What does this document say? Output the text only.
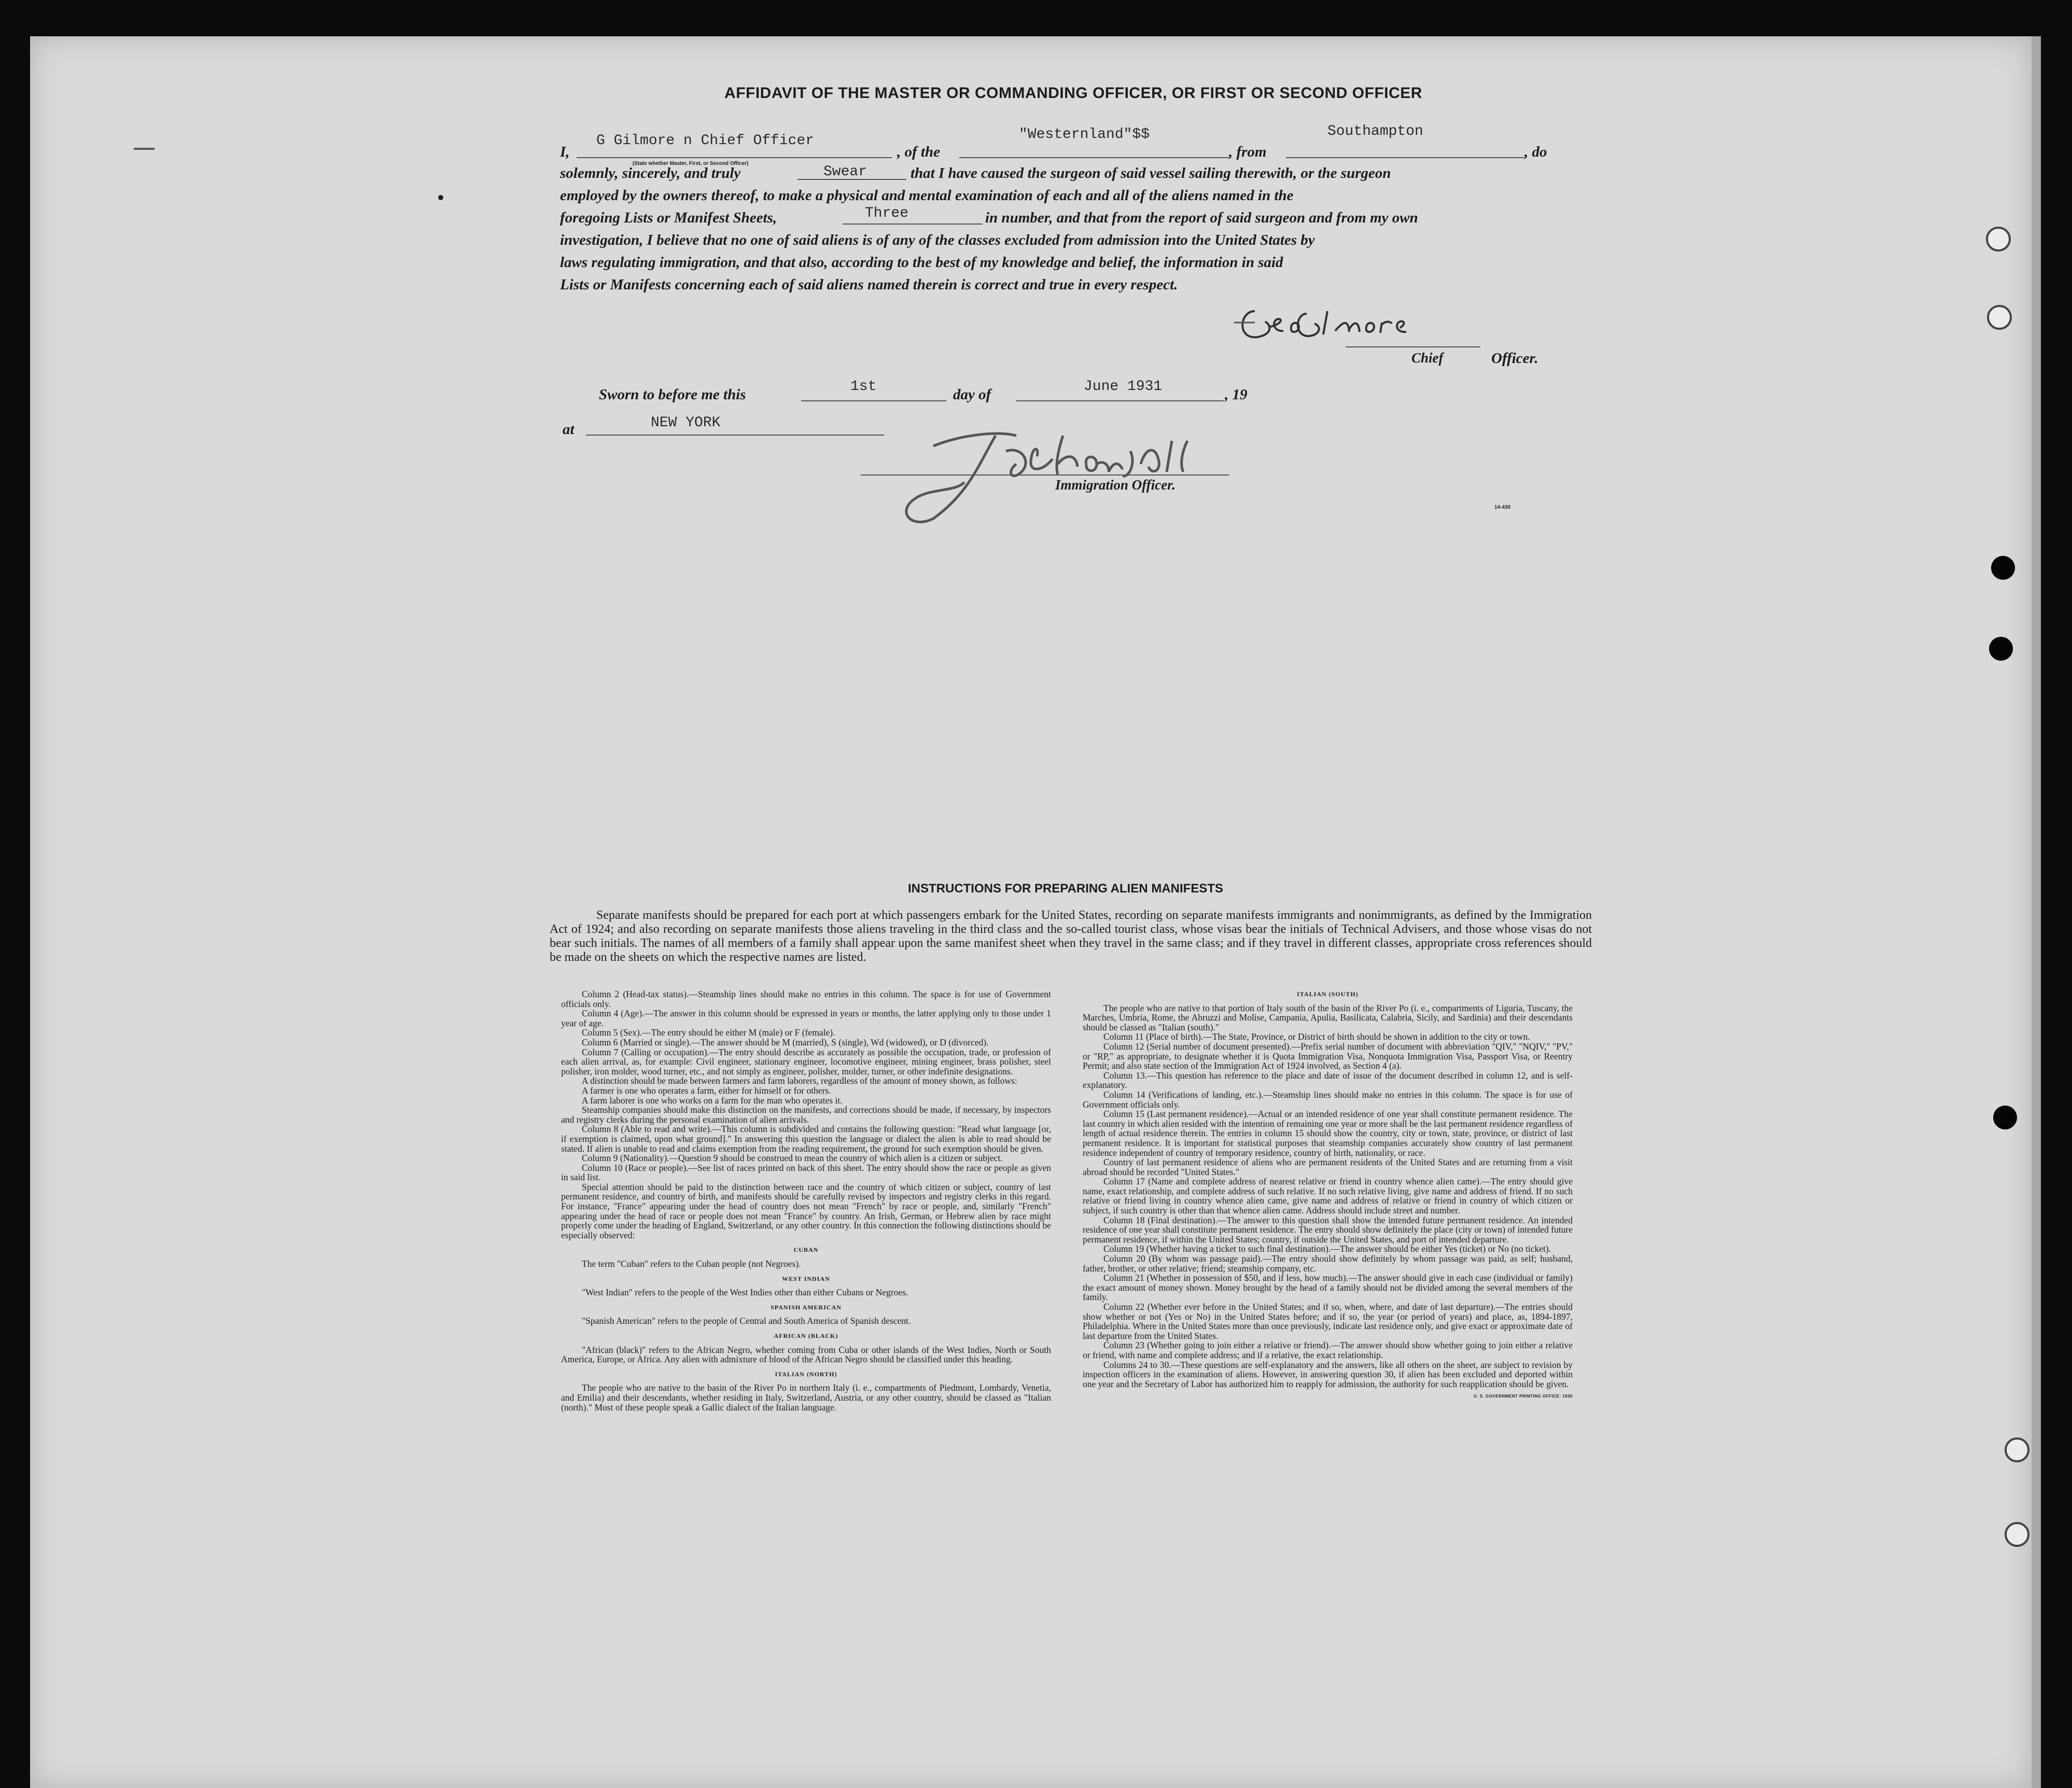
AFFIDAVIT OF THE MASTER OR COMMANDING OFFICER, OR FIRST OR SECOND OFFICER
I,
G Gilmore n Chief Officer
(State whether Master, First, or Second Officer)
, of the
"Westernland"$$
, from
Southampton
, do
solemnly, sincerely, and truly	Swear	that I have caused the surgeon of said vessel sailing therewith, or the surgeon
employed by the owners thereof, to make a physical and mental examination of each and all of the aliens named in the
foregoing Lists or Manifest Sheets,	Three	in number, and that from the report of said surgeon and from my own
investigation, I believe that no one of said aliens is of any of the classes excluded from admission into the United States by
laws regulating immigration, and that also, according to the best of my knowledge and belief, the information in said
Lists or Manifests concerning each of said aliens named therein is correct and true in every respect.
Chief	Officer.
Sworn to before me this	1st	day of	June 1931	, 19
at	NEW YORK
Immigration Officer.
14-430
INSTRUCTIONS FOR PREPARING ALIEN MANIFESTS
Separate manifests should be prepared for each port at which passengers embark for the United States, recording on separate manifests immigrants and nonimmigrants, as defined by the Immigration Act of 1924; and also recording on separate manifests those aliens traveling in the third class and the so-called tourist class, whose visas bear the initials of Technical Advisers, and those whose visas do not bear such initials. The names of all members of a family shall appear upon the same manifest sheet when they travel in the same class; and if they travel in different classes, appropriate cross references should be made on the sheets on which the respective names are listed.

Column 2 (Head-tax status).—Steamship lines should make no entries in this column. The space is for use of Government officials only.

Column 4 (Age).—The answer in this column should be expressed in years or months, the latter applying only to those under 1 year of age.

Column 5 (Sex).—The entry should be either M (male) or F (female).

Column 6 (Married or single).—The answer should be M (married), S (single), Wd (widowed), or D (divorced).

Column 7 (Calling or occupation).—The entry should describe as accurately as possible the occupation, trade, or profession of each alien arrival, as, for example: Civil engineer, stationary engineer, locomotive engineer, mining engineer, brass polisher, steel polisher, iron molder, wood turner, etc., and not simply as engineer, polisher, molder, turner, or other indefinite designations.

A distinction should be made between farmers and farm laborers, regardless of the amount of money shown, as follows:

A farmer is one who operates a farm, either for himself or for others.

A farm laborer is one who works on a farm for the man who operates it.

Steamship companies should make this distinction on the manifests, and corrections should be made, if necessary, by inspectors and registry clerks during the personal examination of alien arrivals.

Column 8 (Able to read and write).—This column is subdivided and contains the following question: "Read what language [or, if exemption is claimed, upon what ground]." In answering this question the language or dialect the alien is able to read should be stated. If alien is unable to read and claims exemption from the reading requirement, the ground for such exemption should be given.

Column 9 (Nationality).—Question 9 should be construed to mean the country of which alien is a citizen or subject.

Column 10 (Race or people).—See list of races printed on back of this sheet. The entry should show the race or people as given in said list.

Special attention should be paid to the distinction between race and the country of which citizen or subject, country of last permanent residence, and country of birth, and manifests should be carefully revised by inspectors and registry clerks in this regard. For instance, "France" appearing under the head of country does not mean "French" by race or people, and, similarly "French" appearing under the head of race or people does not mean "France" by country. An Irish, German, or Hebrew alien by race might properly come under the heading of England, Switzerland, or any other country. In this connection the following distinctions should be especially observed:

CUBAN

The term "Cuban" refers to the Cuban people (not Negroes).

WEST INDIAN

"West Indian" refers to the people of the West Indies other than either Cubans or Negroes.

SPANISH AMERICAN

"Spanish American" refers to the people of Central and South America of Spanish descent.

AFRICAN (BLACK)

"African (black)" refers to the African Negro, whether coming from Cuba or other islands of the West Indies, North or South America, Europe, or Africa. Any alien with admixture of blood of the African Negro should be classified under this heading.

ITALIAN (NORTH)

The people who are native to the basin of the River Po in northern Italy (i. e., compartments of Piedmont, Lombardy, Venetia, and Emilia) and their descendants, whether residing in Italy, Switzerland, Austria, or any other country, should be classed as "Italian (north)." Most of these people speak a Gallic dialect of the Italian language.

ITALIAN (SOUTH)

The people who are native to that portion of Italy south of the basin of the River Po (i. e., compartments of Liguria, Tuscany, the Marches, Umbria, Rome, the Abruzzi and Molise, Campania, Apulia, Basilicata, Calabria, Sicily, and Sardinia) and their descendants should be classed as "Italian (south)."

Column 11 (Place of birth).—The State, Province, or District of birth should be shown in addition to the city or town.

Column 12 (Serial number of document presented).—Prefix serial number of document with abbreviation "QIV," "NQIV," "PV," or "RP," as appropriate, to designate whether it is Quota Immigration Visa, Nonquota Immigration Visa, Passport Visa, or Reentry Permit; and also state section of the Immigration Act of 1924 involved, as Section 4 (a).

Column 13.—This question has reference to the place and date of issue of the document described in column 12, and is self-explanatory.

Column 14 (Verifications of landing, etc.).—Steamship lines should make no entries in this column. The space is for use of Government officials only.

Column 15 (Last permanent residence).—Actual or an intended residence of one year shall constitute permanent residence. The last country in which alien resided with the intention of remaining one year or more shall be the last permanent residence regardless of length of actual residence therein. The entries in column 15 should show the country, city or town, state, province, or district of last permanent residence. It is important for statistical purposes that steamship companies accurately show country of last permanent residence independent of country of temporary residence, country of birth, nationality, or race.

Country of last permanent residence of aliens who are permanent residents of the United States and are returning from a visit abroad should be recorded "United States."

Column 17 (Name and complete address of nearest relative or friend in country whence alien came).—The entry should give name, exact relationship, and complete address of such relative. If no such relative living, give name and address of friend. If no such relative or friend living in country whence alien came, give name and address of relative or friend in country of which citizen or subject, if such country is other than that whence alien came. Address should include street and number.

Column 18 (Final destination).—The answer to this question shall show the intended future permanent residence. An intended residence of one year shall constitute permanent residence. The entry should show definitely the place (city or town) of intended future permanent residence, if within the United States; country, if outside the United States, and port of intended departure.

Column 19 (Whether having a ticket to such final destination).—The answer should be either Yes (ticket) or No (no ticket).

Column 20 (By whom was passage paid).—The entry should show definitely by whom passage was paid, as self; husband, father, brother, or other relative; friend; steamship company, etc.

Column 21 (Whether in possession of $50, and if less, how much).—The answer should give in each case (individual or family) the exact amount of money shown. Money brought by the head of a family should not be divided among the several members of the family.

Column 22 (Whether ever before in the United States; and if so, when, where, and date of last departure).—The entries should show whether or not (Yes or No) in the United States before; and if so, the year (or period of years) and place, as, 1894-1897, Philadelphia. Where in the United States more than once previously, indicate last residence only, and give exact or approximate date of last departure from the United States.

Column 23 (Whether going to join either a relative or friend).—The answer should show whether going to join either a relative or friend, with name and complete address; and if a relative, the exact relationship.

Columns 24 to 30.—These questions are self-explanatory and the answers, like all others on the sheet, are subject to revision by inspection officers in the examination of aliens. However, in answering question 30, if alien has been excluded and deported within one year and the Secretary of Labor has authorized him to reapply for admission, the authority for such reapplication should be given.

U. S. GOVERNMENT PRINTING OFFICE: 1930
